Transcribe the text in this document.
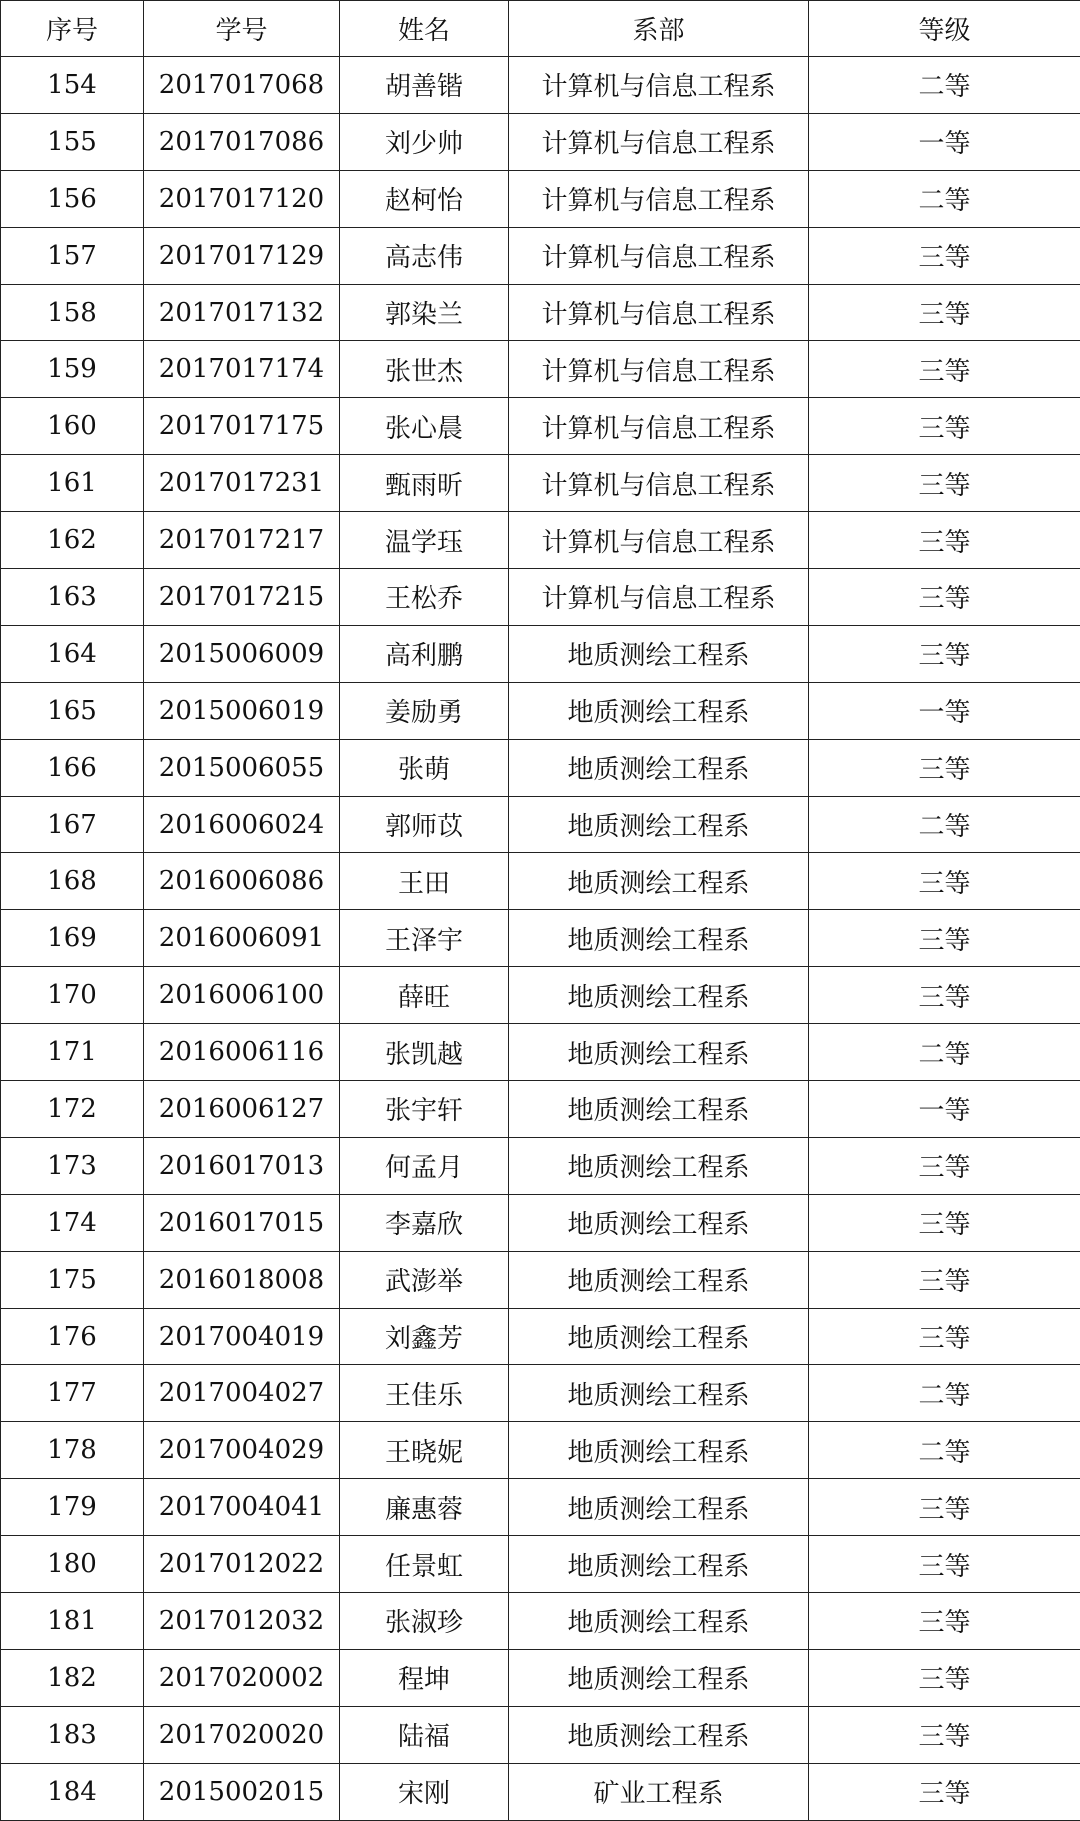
序号	学号	姓名	系部	等级
154	2017017068	胡善锴	计算机与信息工程系	二等
155	2017017086	刘少帅	计算机与信息工程系	一等
156	2017017120	赵柯怡	计算机与信息工程系	二等
157	2017017129	高志伟	计算机与信息工程系	三等
158	2017017132	郭染兰	计算机与信息工程系	三等
159	2017017174	张世杰	计算机与信息工程系	三等
160	2017017175	张心晨	计算机与信息工程系	三等
161	2017017231	甄雨昕	计算机与信息工程系	三等
162	2017017217	温学珏	计算机与信息工程系	三等
163	2017017215	王松乔	计算机与信息工程系	三等
164	2015006009	高利鹏	地质测绘工程系	三等
165	2015006019	姜励勇	地质测绘工程系	一等
166	2015006055	张萌	地质测绘工程系	三等
167	2016006024	郭师苡	地质测绘工程系	二等
168	2016006086	王田	地质测绘工程系	三等
169	2016006091	王泽宇	地质测绘工程系	三等
170	2016006100	薛旺	地质测绘工程系	三等
171	2016006116	张凯越	地质测绘工程系	二等
172	2016006127	张宇轩	地质测绘工程系	一等
173	2016017013	何孟月	地质测绘工程系	三等
174	2016017015	李嘉欣	地质测绘工程系	三等
175	2016018008	武澎举	地质测绘工程系	三等
176	2017004019	刘鑫芳	地质测绘工程系	三等
177	2017004027	王佳乐	地质测绘工程系	二等
178	2017004029	王晓妮	地质测绘工程系	二等
179	2017004041	廉惠蓉	地质测绘工程系	三等
180	2017012022	任景虹	地质测绘工程系	三等
181	2017012032	张淑珍	地质测绘工程系	三等
182	2017020002	程坤	地质测绘工程系	三等
183	2017020020	陆福	地质测绘工程系	三等
184	2015002015	宋刚	矿业工程系	三等
